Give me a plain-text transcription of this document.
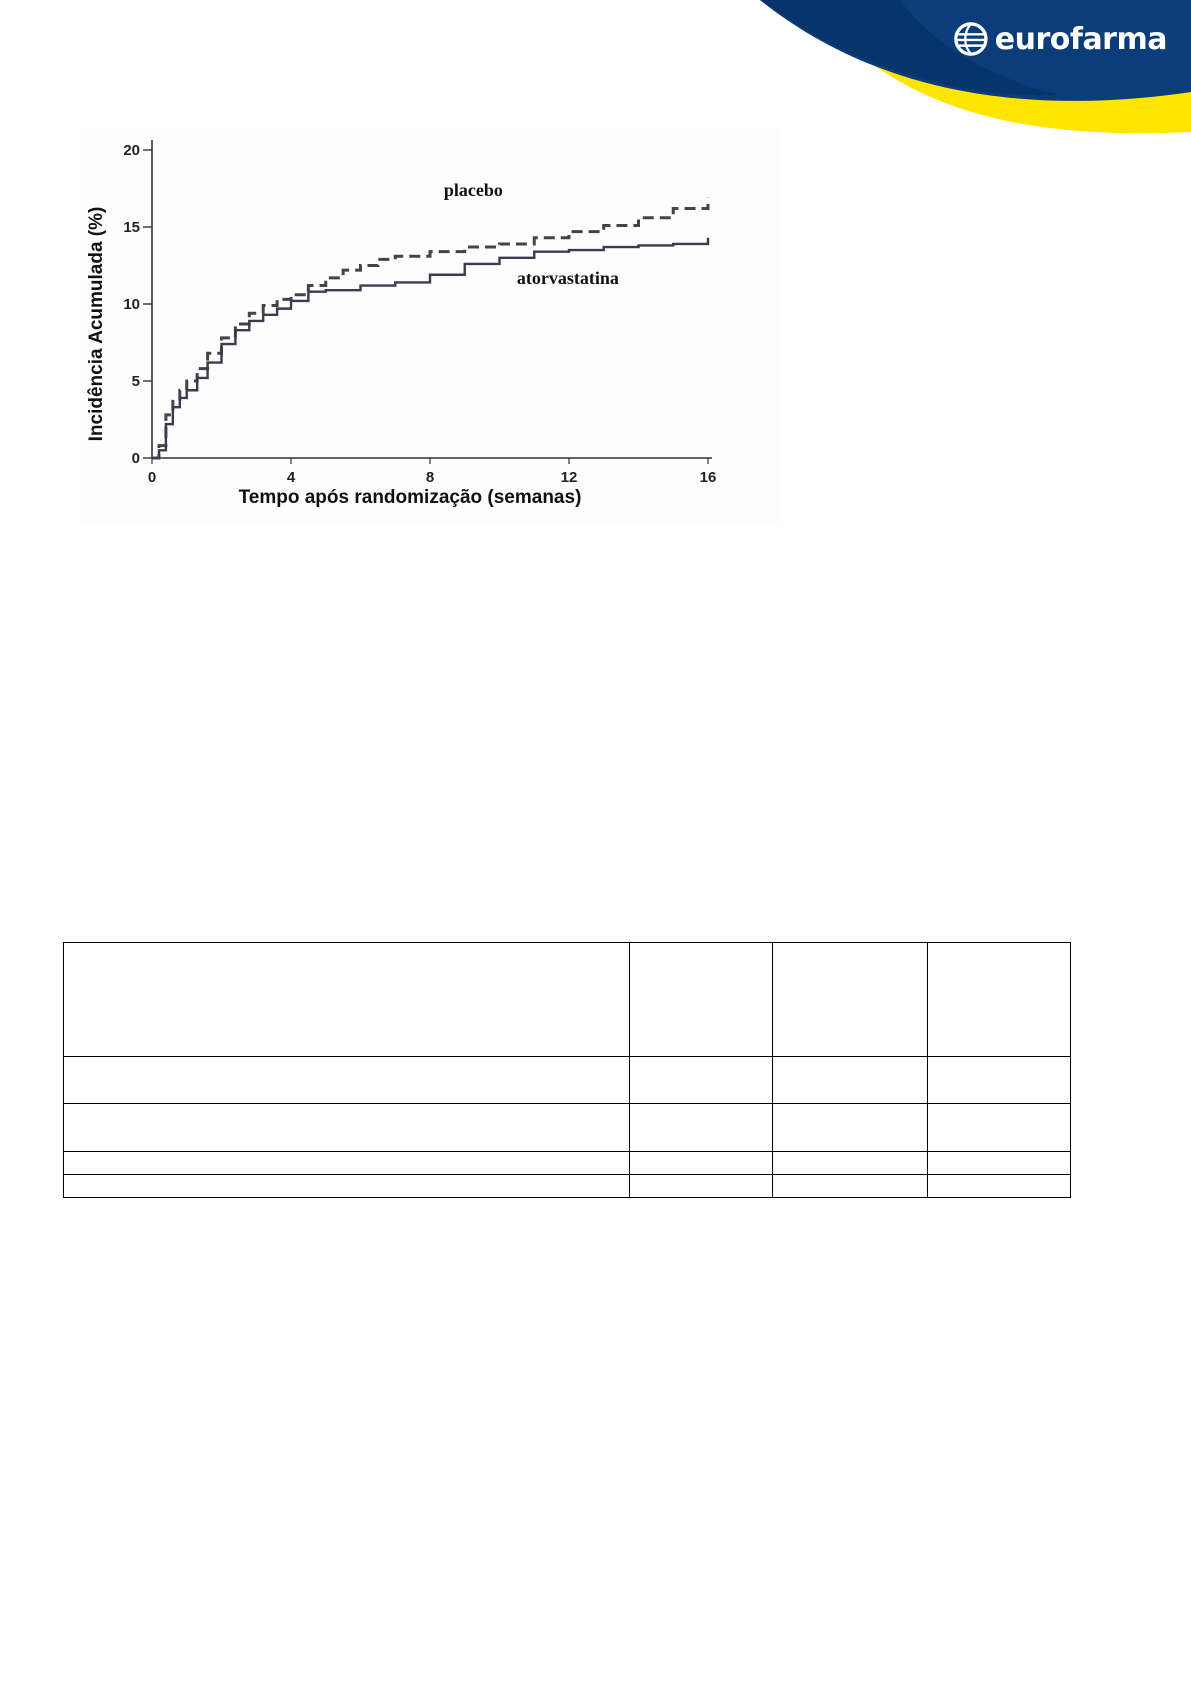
eurofarma
0
5
10
15
20
0	4	8	12	16
Tempo após randomização (semanas)
Incidência Acumulada (%)
placebo
atorvastatina
